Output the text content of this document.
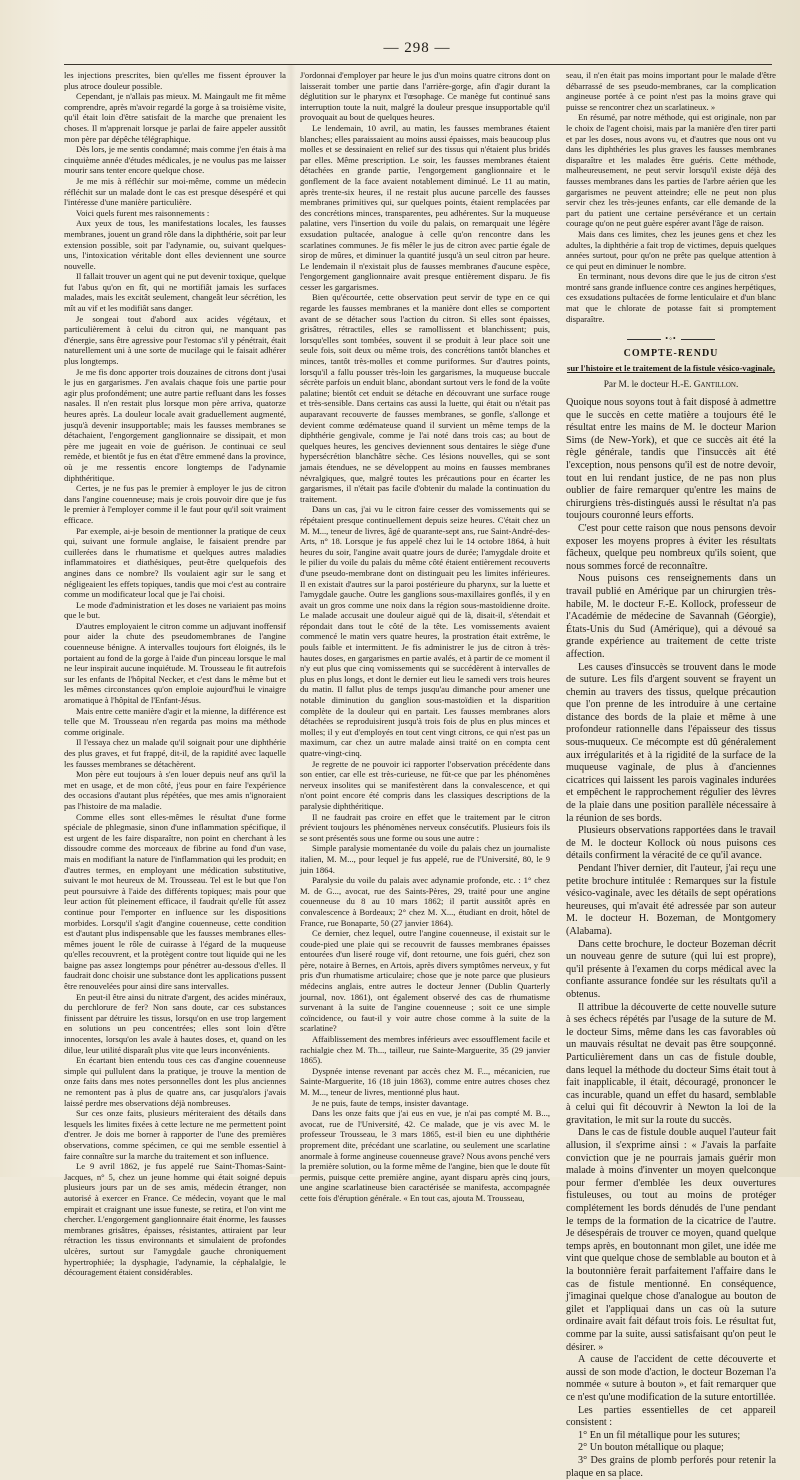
— 298 —

les injections prescrites, bien qu'elles me fissent éprouver la plus atroce douleur possible.

Cependant, je n'allais pas mieux. M. Maingault me fit même comprendre, après m'avoir regardé la gorge à sa troisième visite, qu'il était loin d'être satisfait de la marche que prenaient les choses. Il m'apprenait lorsque je parlai de faire appeler aussitôt mon père par dépêche télégraphique.

Dès lors, je me sentis condamné; mais comme j'en étais à ma cinquième année d'études médicales, je ne voulus pas me laisser mourir sans tenter encore quelque chose.

Je me mis à réfléchir sur moi-même, comme un médecin réfléchit sur un malade dont le cas est presque désespéré et qui l'intéresse d'une manière particulière.

Voici quels furent mes raisonnements :

Aux yeux de tous, les manifestations locales, les fausses membranes, jouent un grand rôle dans la diphthérie, soit par leur extension possible, soit par l'adynamie, ou, suivant quelques-uns, l'intoxication véritable dont elles deviennent une source nouvelle.

Il fallait trouver un agent qui ne put devenir toxique, quelque fut l'abus qu'on en fît, qui ne mortifiât jamais les surfaces malades, mais les excitât seulement, changeât leur sécrétion, les mît au vif et les modifiât sans danger.

Je songeai tout d'abord aux acides végétaux, et particulièrement à celui du citron qui, ne manquant pas d'énergie, sans être agressive pour l'estomac s'il y pénétrait, était naturellement uni à une sorte de mucilage qui le faisait adhérer plus longtemps.

Je me fis donc apporter trois douzaines de citrons dont j'usai le jus en gargarismes. J'en avalais chaque fois une partie pour agir plus profondément; une autre partie refluant dans les fosses nasales. Il n'en restait plus lorsque mon père arriva, quatorze heures après. La douleur locale avait graduellement augmenté, jusqu'à devenir insupportable; mais les fausses membranes se détachaient, l'engorgement ganglionnaire se dissipait, et mon père me jugeait en voie de guérison. Je continuai ce seul remède, et bientôt je fus en état d'être emmené dans la province, où je me ressentis encore longtemps de l'adynamie diphthéritique.

Certes, je ne fus pas le premier à employer le jus de citron dans l'angine couenneuse; mais je crois pouvoir dire que je fus le premier à l'employer comme il le faut pour qu'il soit vraiment efficace.

Par exemple, ai-je besoin de mentionner la pratique de ceux qui, suivant une formule anglaise, le faisaient prendre par cuillerées dans le rhumatisme et quelques autres maladies inflammatoires et diathésiques, peut-être quelquefois des angines dans ce nombre? Ils voulaient agir sur le sang et négligeaient les effets topiques, tandis que moi c'est au contraire comme un modificateur local que je l'ai choisi.

Le mode d'administration et les doses ne variaient pas moins que le but.

D'autres employaient le citron comme un adjuvant inoffensif pour aider la chute des pseudomembranes de l'angine couenneuse bénigne. A intervalles toujours fort éloignés, ils le portaient au fond de la gorge à l'aide d'un pinceau lorsque le mal ne leur inspirait aucune inquiétude. M. Trousseau le fit autrefois sur les enfants de l'hôpital Necker, et c'est dans le même but et les mêmes circonstances qu'on emploie aujourd'hui le vinaigre aromatique à l'hôpital de l'Enfant-Jésus.

Mais entre cette manière d'agir et la mienne, la différence est telle que M. Trousseau n'en regarda pas moins ma méthode comme originale.

Il l'essaya chez un malade qu'il soignait pour une diphthérie des plus graves, et fut frappé, dit-il, de la rapidité avec laquelle les fausses membranes se détachèrent.

Mon père eut toujours à s'en louer depuis neuf ans qu'il la met en usage, et de mon côté, j'eus pour en faire l'expérience des occasions d'autant plus répétées, que mes amis n'ignoraient pas l'histoire de ma maladie.

Comme elles sont elles-mêmes le résultat d'une forme spéciale de phlegmasie, sinon d'une inflammation spécifique, il est urgent de les faire disparaître, non point en cherchant à les dissoudre comme des morceaux de fibrine au fond d'un vase, mais en modifiant la nature de l'inflammation qui les produit; en d'autres termes, en employant une médication substitutive, suivant le mot heureux de M. Trousseau. Tel est le but que l'on peut poursuivre à l'aide des différents topiques; mais pour que leur action fût pleinement efficace, il faudrait qu'elle fût assez continue pour l'emporter en influence sur les dispositions morbides. Lorsqu'il s'agit d'angine couenneuse, cette condition est d'autant plus indispensable que les fausses membranes elles-mêmes jouent le rôle de cuirasse à l'égard de la muqueuse qu'elles recouvrent, et la protègent contre tout liquide qui ne les baigne pas assez longtemps pour pénétrer au-dessous d'elles. Il faudrait donc choisir une substance dont les applications pussent être renouvelées pour ainsi dire sans intervalles.

En peut-il être ainsi du nitrate d'argent, des acides minéraux, du perchlorure de fer? Non sans doute, car ces substances finissent par détruire les tissus, lorsqu'on en use trop largement en solutions un peu concentrées; elles sont loin d'être innocentes, lorsqu'on les avale à hautes doses, et, quand on les dilue, leur utilité disparaît plus vite que leurs inconvénients.

En écartant bien entendu tous ces cas d'angine couenneuse simple qui pullulent dans la pratique, je trouve la mention de onze faits dans mes notes personnelles dont les plus anciennes ne remontent pas à plus de quatre ans, car jusqu'alors j'avais laissé perdre mes observations déjà nombreuses.

Sur ces onze faits, plusieurs mériteraient des détails dans lesquels les limites fixées à cette lecture ne me permettent point d'entrer. Je dois me borner à rapporter de l'une des premières observations, comme spécimen, ce qui me semble essentiel à faire connaître sur la marche du traitement et son influence.

Le 9 avril 1862, je fus appelé rue Saint-Thomas-Saint-Jacques, n° 5, chez un jeune homme qui était soigné depuis plusieurs jours par un de ses amis, médecin étranger, non autorisé à exercer en France. Ce médecin, voyant que le mal empirait et craignant une issue funeste, se retira, et l'on vint me chercher. L'engorgement ganglionnaire était énorme, les fausses membranes grisâtres, épaisses, résistantes, attiraient par leur rétraction les tissus environnants et simulaient de profondes ulcères, surtout sur l'amygdale gauche chroniquement hypertrophiée; la dysphagie, l'adynamie, la céphalalgie, le découragement étaient considérables.

J'ordonnai d'employer par heure le jus d'un moins quatre citrons dont on laisserait tomber une partie dans l'arrière-gorge, afin d'agir durant la déglutition sur le pharynx et l'œsophage. Ce manège fut continué sans interruption toute la nuit, malgré la douleur presque insupportable qu'il provoquait au bout de quelques heures.

Le lendemain, 10 avril, au matin, les fausses membranes étaient blanches; elles paraissaient au moins aussi épaisses, mais beaucoup plus molles et se dessinaient en relief sur des tissus qui n'étaient plus bridés par elles. Même prescription. Le soir, les fausses membranes étaient détachées en grande partie, l'engorgement ganglionnaire et le gonflement de la face avaient notablement diminué. Le 11 au matin, après trente-six heures, il ne restait plus aucune parcelle des fausses membranes primitives qui, sur quelques points, étaient remplacées par des concrétions minces, transparentes, peu adhérentes. Sur la muqueuse palatine, vers l'insertion du voile du palais, on remarquait une légère exsudation pultacée, analogue à celle qu'on rencontre dans les scarlatines communes. Je fis mêler le jus de citron avec partie égale de sirop de mûres, et diminuer la quantité jusqu'à un seul citron par heure. Le lendemain il n'existait plus de fausses membranes d'aucune espèce, l'engorgement ganglionnaire avait presque entièrement disparu. Je fis cesser les gargarismes.

Bien qu'écourtée, cette observation peut servir de type en ce qui regarde les fausses membranes et la manière dont elles se comportent avant de se détacher sous l'action du citron. Si elles sont épaisses, grisâtres, rétractiles, elles se ramollissent et blanchissent; puis, lorsqu'elles sont tombées, souvent il se produit à leur place soit une seule fois, soit deux ou même trois, des concrétions tantôt blanches et minces, tantôt très-molles et comme puriformes. Sur d'autres points, lorsqu'il a fallu pousser très-loin les gargarismes, la muqueuse buccale sécrète parfois un enduit blanc, abondant surtout vers le fond de la voûte palatine; bientôt cet enduit se détache en découvrant une surface rouge et très-sensible. Dans certains cas aussi la luette, qui était ou n'était pas auparavant recouverte de fausses membranes, se gonfle, s'allonge et devient comme œdémateuse quand il survient un même temps de la diphthérie gengivale, comme je l'ai noté dans trois cas; au bout de quelques heures, les gencives deviennent sous dentaires le siège d'une hypersécrétion blanchâtre sèche. Ces lésions nouvelles, qui se sont jamais étendues, ne se développent au moins en fausses membranes névralgiques, que, malgré toutes les précautions pour en écarter les gargarismes, il n'était pas facile d'obtenir du malade la continuation du traitement.

Dans un cas, j'ai vu le citron faire cesser des vomissements qui se répétaient presque continuellement depuis seize heures. C'était chez un M. M..., teneur de livres, âgé de quarante-sept ans, rue Saint-André-des-Arts, n° 18. Lorsque je fus appelé chez lui le 14 octobre 1864, à huit heures du soir, l'angine avait quatre jours de durée; l'amygdale droite et le pilier du voile du palais du même côté étaient entièrement recouverts d'une pseudo-membrane dont on distinguait peu les limites inférieures. Il en existait d'autres sur la paroi postérieure du pharynx, sur la luette et l'amygdale gauche. Outre les ganglions sous-maxillaires gonflés, il y en avait un gros comme une noix dans la région sous-mastoïdienne droite. Le malade accusait une douleur aiguë qui de là, disait-il, s'étendait et répondait dans tout le côté de la tête. Les vomissements avaient commencé le matin vers quatre heures, la prostration était extrême, le pouls faible et intermittent. Je fis administrer le jus de citron à très-hautes doses, en gargarismes en partie avalés, et à partir de ce moment il n'y eut plus que cinq vomissements qui se succédèrent à intervalles de plus en plus longs, et dont le dernier eut lieu le samedi vers trois heures du matin. Il fallut plus de temps jusqu'au dimanche pour amener une notable diminution du ganglion sous-mastoïdien et la disparition complète de la douleur qui en partait. Les fausses membranes alors détachées se reproduisirent jusqu'à trois fois de plus en plus minces et molles; il y eut d'employés en tout cent vingt citrons, ce qui n'est pas un maximum, car chez un autre malade ainsi traité on en compta cent quatre-vingt-cinq.

Je regrette de ne pouvoir ici rapporter l'observation précédente dans son entier, car elle est très-curieuse, ne fût-ce que par les phénomènes nerveux insolites qui se manifestèrent dans la convalescence, et qui n'ont point encore été compris dans les classiques descriptions de la paralysie diphthéritique.

Il ne faudrait pas croire en effet que le traitement par le citron prévient toujours les phénomènes nerveux consécutifs. Plusieurs fois ils se sont présentés sous une forme ou sous une autre :

Simple paralysie momentanée du voile du palais chez un journaliste italien, M. M..., pour lequel je fus appelé, rue de l'Université, 80, le 9 juin 1864.

Paralysie du voile du palais avec adynamie profonde, etc. : 1° chez M. de G..., avocat, rue des Saints-Pères, 29, traité pour une angine couenneuse du 8 au 10 mars 1862; il partit aussitôt après en convalescence à Bordeaux; 2° chez M. X..., étudiant en droit, hôtel de France, rue Bonaparte, 50 (27 janvier 1864).

Ce dernier, chez lequel, outre l'angine couenneuse, il existait sur le coude-pied une plaie qui se recouvrit de fausses membranes épaisses entourées d'un liseré rouge vif, dont retourne, une fois guéri, chez son père, notaire à Bernes, en Artois, après divers symptômes nerveux, y fut pris d'un rhumatisme articulaire; chose que je note parce que plusieurs médecins anglais, entre autres le docteur Jenner (Dublin Quarterly journal, nov. 1861), ont également observé des cas de rhumatisme survenant à la suite de l'angine couenneuse ; soit ce une simple coïncidence, ou faut-il y voir autre chose comme à la suite de la scarlatine?

Affaiblissement des membres inférieurs avec essoufflement facile et rachialgie chez M. Th..., tailleur, rue Sainte-Marguerite, 35 (29 janvier 1865).

Dyspnée intense revenant par accès chez M. F..., mécanicien, rue Sainte-Marguerite, 16 (18 juin 1863), comme entre autres choses chez M. M..., teneur de livres, mentionné plus haut.

Je ne puis, faute de temps, insister davantage.

Dans les onze faits que j'ai eus en vue, je n'ai pas compté M. B..., avocat, rue de l'Université, 42. Ce malade, que je vis avec M. le professeur Trousseau, le 3 mars 1865, est-il bien eu une diphthérie proprement dite, précédant une scarlatine, ou seulement une scarlatine anormale à forme angineuse couenneuse grave? Nous avons penché vers la première solution, ou la forme même de l'angine, bien que le doute fût permis, puisque cette première angine, ayant disparu après cinq jours, une angine scarlatineuse bien caractérisée se manifesta, accompagnée cette fois d'éruption générale. « En tout cas, ajouta M. Trousseau,

seau, il n'en était pas moins important pour le malade d'être débarrassé de ses pseudo-membranes, car la complication angineuse portée à ce point n'est pas la moins grave qui puisse se rencontrer chez un scarlatineux. »

En résumé, par notre méthode, qui est originale, non par le choix de l'agent choisi, mais par la manière d'en tirer parti et par les doses, nous avons vu, et d'autres que nous ont vu dans les diphthéries les plus graves les fausses membranes disparaître et les malades être guéris. Cette méthode, malheureusement, ne peut servir lorsqu'il existe déjà des fausses membranes dans les parties de l'arbre aérien que les gargarismes ne peuvent atteindre; elle ne peut non plus servir chez les très-jeunes enfants, car elle demande de la part du patient une certaine persévérance et un certain courage qu'on ne peut guère espérer avant l'âge de raison.

Mais dans ces limites, chez les jeunes gens et chez les adultes, la diphthérie a fait trop de victimes, depuis quelques années surtout, pour qu'on ne prête pas quelque attention à ce qui peut en diminuer le nombre.

En terminant, nous devons dire que le jus de citron s'est montré sans grande influence contre ces angines herpétiques, ces exsudations pultacées de forme lenticulaire et d'un blanc mat que le chlorate de potasse fait si promptement disparaître.

•◦•
COMPTE-RENDU
sur l'histoire et le traitement de la fistule vésico-vaginale,
Par M. le docteur H.-E. Gantillon.

Quoique nous soyons tout à fait disposé à admettre que le succès en cette matière a toujours été le résultat entre les mains de M. le docteur Marion Sims (de New-York), et que ce succès ait été la règle générale, tandis que l'insuccès ait été l'exception, nous pensons qu'il est de notre devoir, tout en lui rendant justice, de ne pas non plus oublier de faire remarquer qu'entre les mains de chirurgiens très-distingués aussi le résultat n'a pas toujours couronné leurs efforts.

C'est pour cette raison que nous pensons devoir exposer les moyens propres à éviter les résultats fâcheux, quelque peu nombreux qu'ils soient, que nous sommes forcé de reconnaître.

Nous puisons ces renseignements dans un travail publié en Amérique par un chirurgien très-habile, M. le docteur F.-E. Kollock, professeur de l'Académie de médecine de Savannah (Géorgie), États-Unis du Sud (Amérique), qui a dévoué sa grande expérience au traitement de cette triste affection.

Les causes d'insuccès se trouvent dans le mode de suture. Les fils d'argent souvent se frayent un chemin au travers des tissus, quelque précaution que l'on prenne de les introduire à une certaine distance des bords de la plaie et même à une profondeur rationnelle dans l'épaisseur des tissus sous-muqueux. Ce mécompte est dû généralement aux irrégularités et à la rigidité de la surface de la muqueuse vaginale, de plus à d'anciennes cicatrices qui laissent les parois vaginales indurées et empêchent le rapprochement régulier des lèvres de la plaie dans une position parallèle nécessaire à la réunion de ses bords.

Plusieurs observations rapportées dans le travail de M. le docteur Kollock où nous puisons ces détails confirment la véracité de ce qu'il avance.

Pendant l'hiver dernier, dit l'auteur, j'ai reçu une petite brochure intitulée : Remarques sur la fistule vésico-vaginale, avec les détails de sept opérations heureuses, qui m'avait été adressée par son auteur M. le docteur H. Bozeman, de Montgomery (Alabama).

Dans cette brochure, le docteur Bozeman décrit un nouveau genre de suture (qui lui est propre), qu'il présente à l'examen du corps médical avec la confiante assurance fondée sur les résultats qu'il a obtenus.

Il attribue la découverte de cette nouvelle suture à ses échecs répétés par l'usage de la suture de M. le docteur Sims, même dans les cas favorables où un mauvais résultat ne devait pas être soupçonné. Particulièrement dans un cas de fistule double, dans lequel la méthode du docteur Sims était tout à fait inapplicable, il était, découragé, prononcer le cas incurable, quand un effet du hasard, semblable à celui qui fit découvrir à Newton la loi de la gravitation, le mit sur la route du succès.

Dans le cas de fistule double auquel l'auteur fait allusion, il s'exprime ainsi : « J'avais la parfaite conviction que je ne pourrais jamais guérir mon malade à moins d'inventer un moyen quelconque pour fermer d'emblée les deux ouvertures fistuleuses, ou tout au moins de protéger complétement les bords dénudés de l'une pendant le temps de la formation de la cicatrice de l'autre. Je désespérais de trouver ce moyen, quand quelque temps après, en boutonnant mon gilet, une idée me vint que quelque chose de semblable au bouton et à la boutonnière ferait parfaitement l'affaire dans le cas de fistule mentionné. En conséquence, j'imaginai quelque chose d'analogue au bouton de gilet et l'appliquai dans un cas où la suture ordinaire avait fait défaut trois fois. Le résultat fut, comme par la suite, aussi satisfaisant qu'on peut le désirer. »

A cause de l'accident de cette découverte et aussi de son mode d'action, le docteur Bozeman l'a nommée « suture à bouton », et fait remarquer que ce n'est qu'une modification de la suture entortillée.

Les parties essentielles de cet appareil consistent :

1° En un fil métallique pour les sutures;

2° Un bouton métallique ou plaque;

3° Des grains de plomb perforés pour retenir la plaque en sa place.
